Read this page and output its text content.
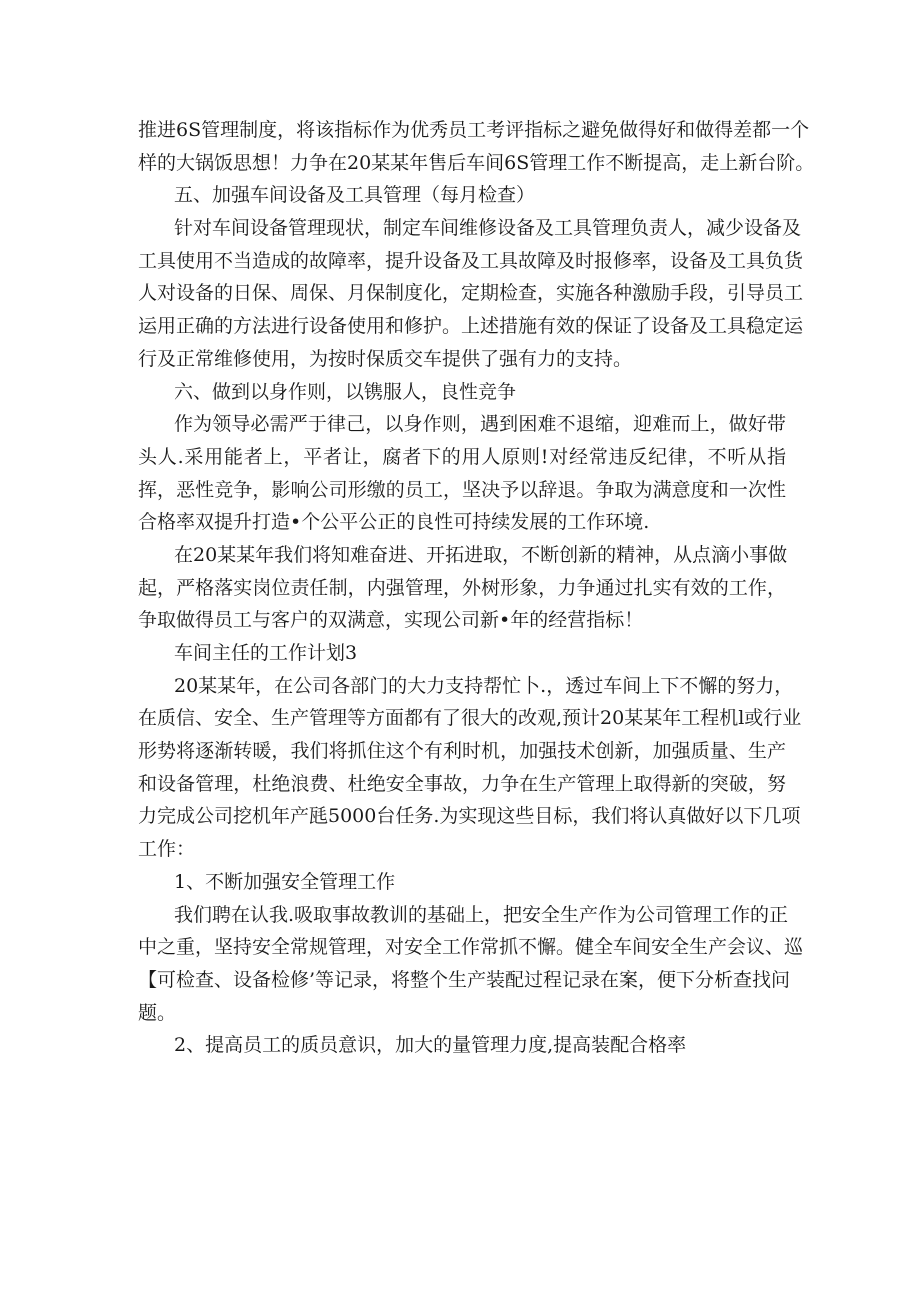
推进6S管理制度，将该指标作为优秀员工考评指标之避免做得好和做得差都一个
样的大锅饭思想！力争在20某某年售后车间6S管理工作不断提高，走上新台阶。
五、加强车间设备及工具管理（每月检查）
针对车间设备管理现状，制定车间维修设备及工具管理负责人，减少设备及
工具使用不当造成的故障率，提升设备及工具故障及时报修率，设备及工具负货
人对设备的日保、周保、月保制度化，定期检查，实施各种激励手段，引导员工
运用正确的方法进行设备使用和修护。上述措施有效的保证了设备及工具稳定运
行及正常维修使用，为按时保质交车提供了强有力的支持。
六、做到以身作则，以镌服人，良性竞争
作为领导必需严于律己，以身作则，遇到困难不退缩，迎难而上，做好带
头人.采用能者上，平者让，腐者下的用人原则!对经常违反纪律，不听从指
挥，恶性竞争，影响公司形缴的员工，坚决予以辞退。争取为满意度和一次性
合格率双提升打造•个公平公正的良性可持续发展的工作环境.
在20某某年我们将知难奋进、开拓进取，不断创新的精神，从点滴小事做
起，严格落实岗位责任制，内强管理，外树形象，力争通过扎实有效的工作，
争取做得员工与客户的双满意，实现公司新•年的经营指标！
车间主任的工作计划3
20某某年，在公司各部门的大力支持帮忙卜.，透过车间上下不懈的努力，
在质信、安全、生产管理等方面都有了很大的改观,预计20某某年工程机l或行业
形势将逐渐转暖，我们将抓住这个有利时机，加强技术创新，加强质量、生产
和设备管理，杜绝浪费、杜绝安全事故，力争在生产管理上取得新的突破，努
力完成公司挖机年产瓱5000台任务.为实现这些目标，我们将认真做好以下几项
工作：
1、不断加强安全管理工作
我们聘在认我.吸取事故教训的基础上，把安全生产作为公司管理工作的正
中之重，坚持安全常规管理，对安全工作常抓不懈。健全车间安全生产会议、巡
【可检查、设备检修’等记录，将整个生产装配过程记录在案，便下分析查找问
题。
2、提高员工的质员意识，加大的量管理力度,提高装配合格率
